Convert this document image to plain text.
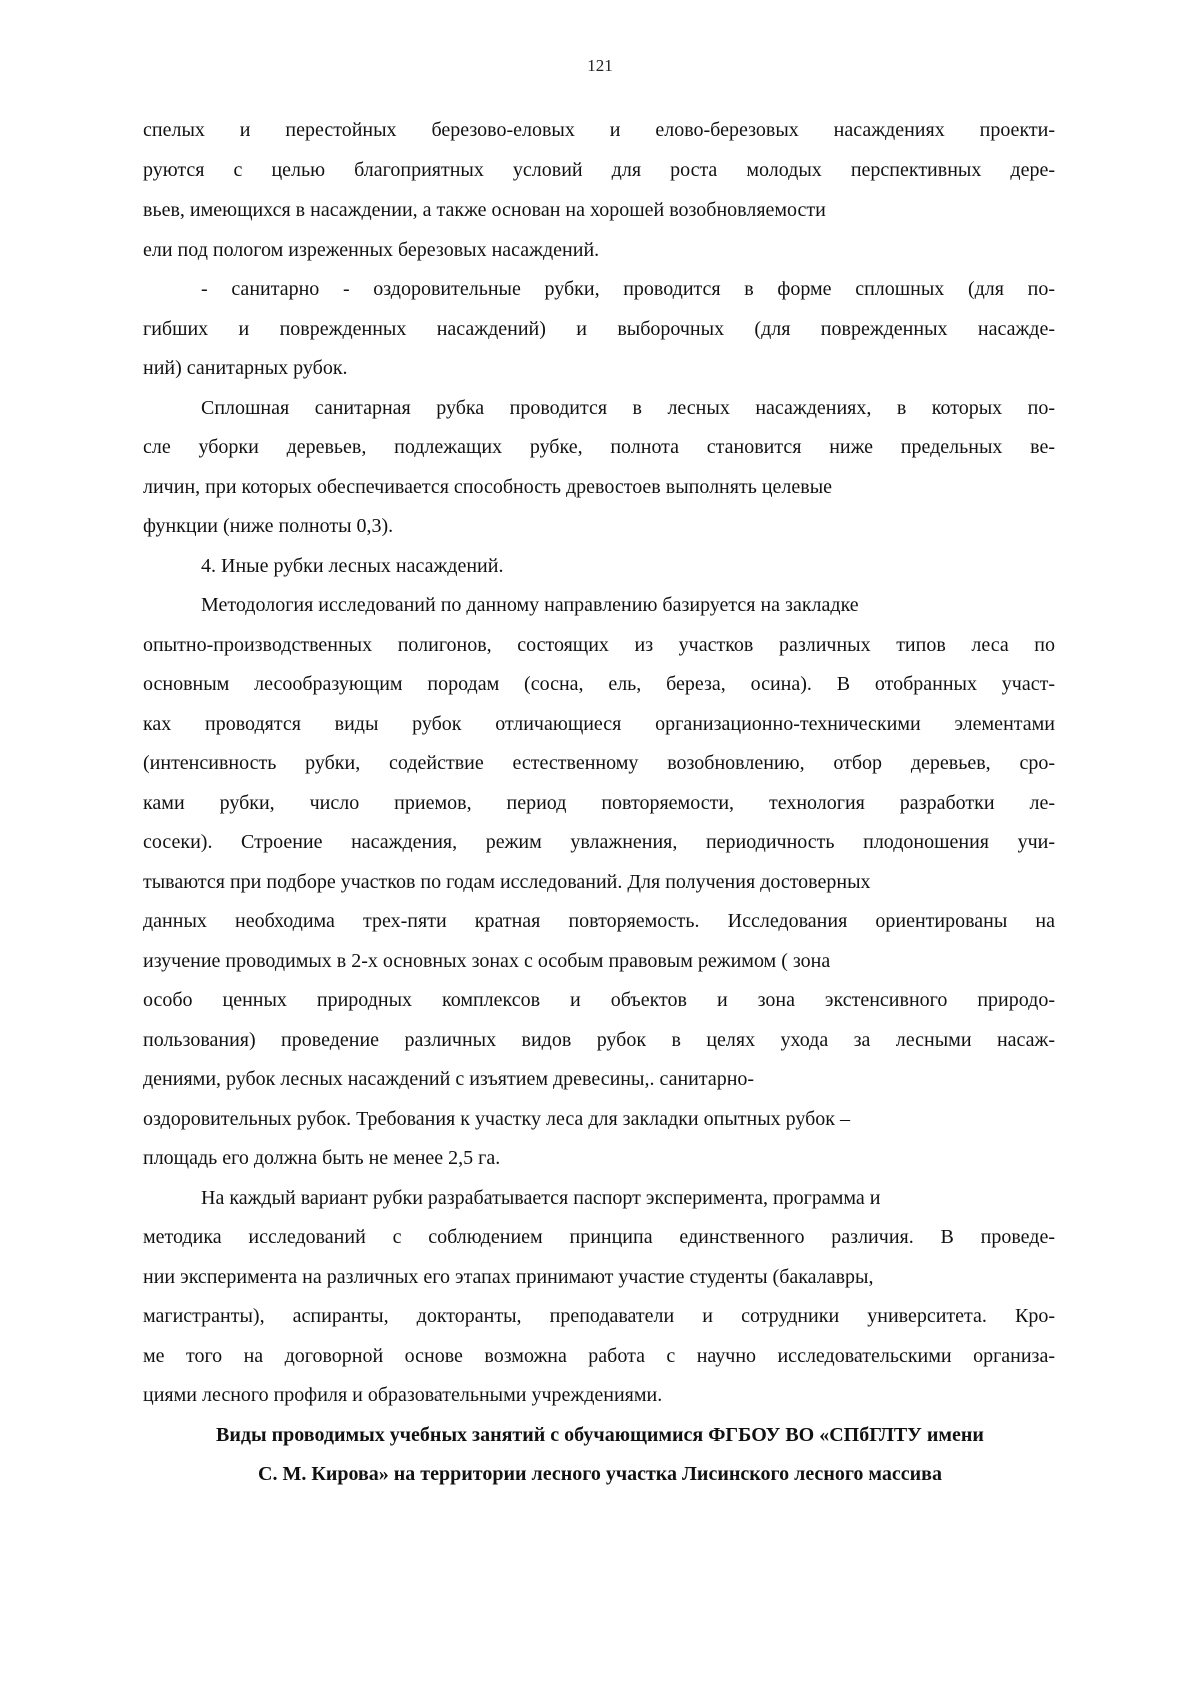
121
спелых и перестойных березово-еловых и елово-березовых насаждениях проекти-
руются с целью благоприятных условий для роста молодых перспективных дере-
вьев, имеющихся в насаждении, а также основан на хорошей возобновляемости
ели под пологом изреженных березовых насаждений.
- санитарно - оздоровительные рубки, проводится в форме сплошных (для по-
гибших и поврежденных насаждений) и выборочных (для поврежденных насажде-
ний) санитарных рубок.
Сплошная санитарная рубка проводится в лесных насаждениях, в которых по-
сле уборки деревьев, подлежащих рубке, полнота становится ниже предельных ве-
личин, при которых обеспечивается способность древостоев выполнять целевые
функции (ниже полноты 0,3).
4. Иные рубки лесных насаждений.
Методология исследований по данному направлению базируется на закладке
опытно-производственных полигонов, состоящих из участков различных типов леса по
основным лесообразующим породам (сосна, ель, береза, осина). В отобранных участ-
ках проводятся виды рубок отличающиеся организационно-техническими элементами
(интенсивность рубки, содействие естественному возобновлению, отбор деревьев, сро-
ками рубки, число приемов, период повторяемости, технология разработки ле-
сосеки). Строение насаждения, режим увлажнения, периодичность плодоношения учи-
тываются при подборе участков по годам исследований. Для получения достоверных
данных необходима трех-пяти кратная повторяемость. Исследования ориентированы на
изучение проводимых в 2-х основных зонах с особым правовым режимом ( зона
особо ценных природных комплексов и объектов и зона экстенсивного природо-
пользования) проведение различных видов рубок в целях ухода за лесными насаж-
дениями, рубок лесных насаждений с изъятием древесины,. санитарно-
оздоровительных рубок. Требования к участку леса для закладки опытных рубок –
площадь его должна быть не менее 2,5 га.
На каждый вариант рубки разрабатывается паспорт эксперимента, программа и
методика исследований с соблюдением принципа единственного различия. В проведе-
нии эксперимента на различных его этапах принимают участие студенты (бакалавры,
магистранты), аспиранты, докторанты, преподаватели и сотрудники университета. Кро-
ме того на договорной основе возможна работа с научно исследовательскими организа-
циями лесного профиля и образовательными учреждениями.
Виды проводимых учебных занятий с обучающимися ФГБОУ ВО «СПбГЛТУ имени
С. М. Кирова» на территории лесного участка Лисинского лесного массива
